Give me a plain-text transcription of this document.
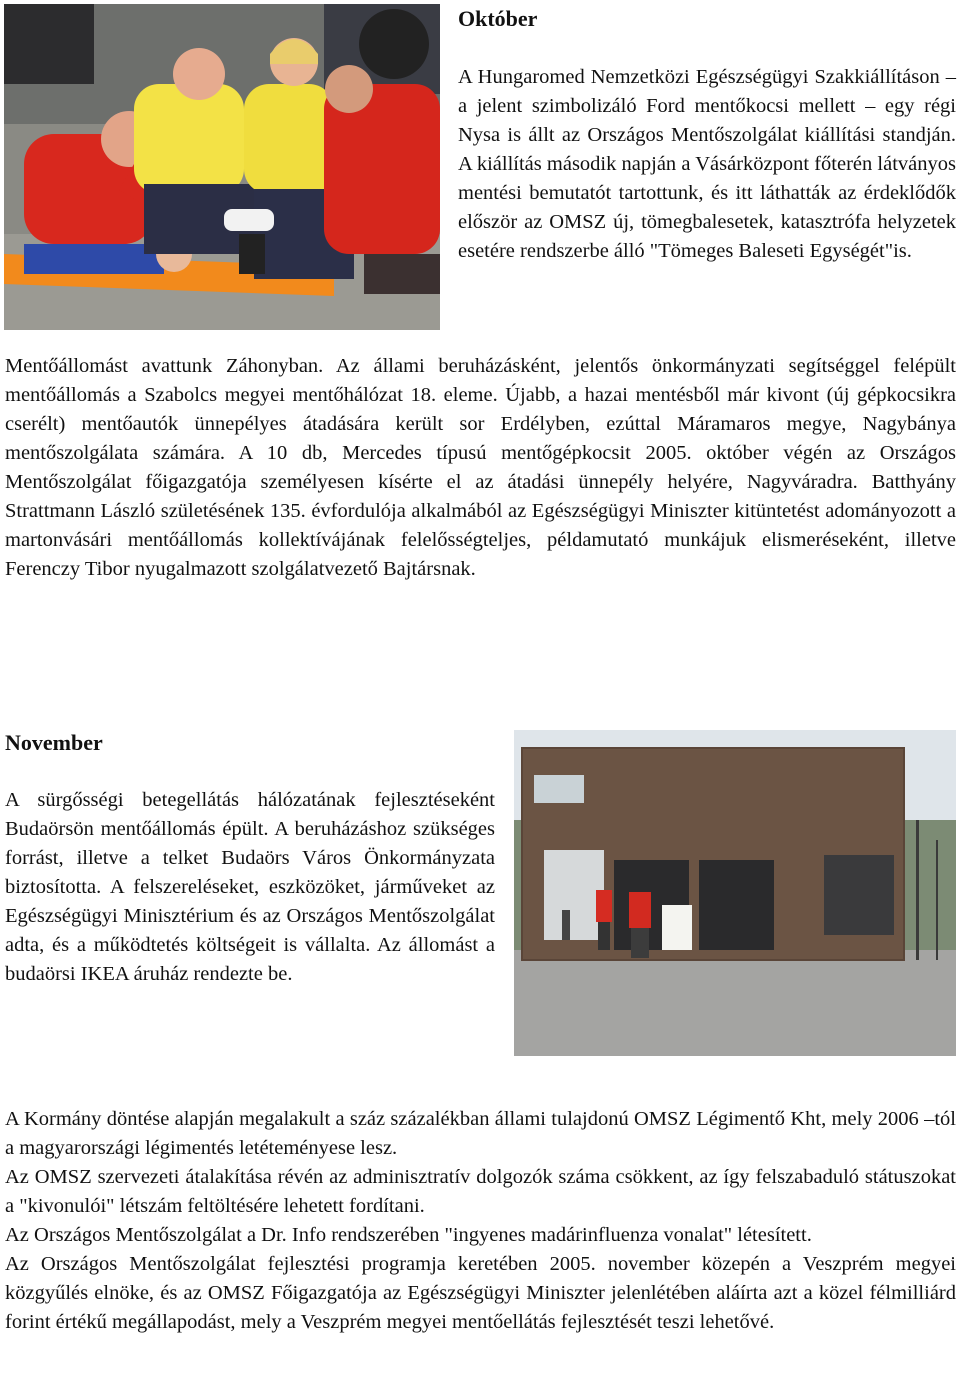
Október

A Hungaromed Nemzetközi Egészségügyi Szakkiállításon – a jelent szimbolizáló Ford mentőkocsi mellett – egy régi Nysa is állt az Országos Mentőszolgálat kiállítási standján. A kiállítás második napján a Vásárközpont főterén látványos mentési bemutatót tartottunk, és itt láthatták az érdeklődők először az OMSZ új, tömegbalesetek, katasztrófa helyzetek esetére rendszerbe álló "Tömeges Baleseti Egységét"is.

Mentőállomást avattunk Záhonyban. Az állami beruházásként, jelentős önkormányzati segítséggel felépült mentőállomás a Szabolcs megyei mentőhálózat 18. eleme. Újabb, a hazai mentésből már kivont (új gépkocsikra cserélt) mentőautók ünnepélyes átadására került sor Erdélyben, ezúttal Máramaros megye, Nagybánya mentőszolgálata számára. A 10 db, Mercedes típusú mentőgépkocsit 2005. október végén az Országos Mentőszolgálat főigazgatója személyesen kísérte el az átadási ünnepély helyére, Nagyváradra. Batthyány Strattmann László születésének 135. évfordulója alkalmából az Egészségügyi Miniszter kitüntetést adományozott a martonvásári mentőállomás kollektívájának felelősségteljes, példamutató munkájuk elismeréseként, illetve Ferenczy Tibor nyugalmazott szolgálatvezető Bajtársnak.

November

A sürgősségi betegellátás hálózatának fejlesztéseként Budaörsön mentőállomás épült. A beruházáshoz szükséges forrást, illetve a telket Budaörs Város Önkormányzata biztosította. A felszereléseket, eszközöket, járműveket az Egészségügyi Minisztérium és az Országos Mentőszolgálat adta, és a működtetés költségeit is vállalta. Az állomást a budaörsi IKEA áruház rendezte be.

A Kormány döntése alapján megalakult a száz százalékban állami tulajdonú OMSZ Légimentő Kht, mely 2006 –tól a magyarországi légimentés letéteményese lesz.

Az OMSZ szervezeti átalakítása révén az adminisztratív dolgozók száma csökkent, az így felszabaduló státuszokat a "kivonulói" létszám feltöltésére lehetett fordítani.

Az Országos Mentőszolgálat a Dr. Info rendszerében "ingyenes madárinfluenza vonalat" létesített.

Az Országos Mentőszolgálat fejlesztési programja keretében 2005. november közepén a Veszprém megyei közgyűlés elnöke, és az OMSZ Főigazgatója az Egészségügyi Miniszter jelenlétében aláírta azt a közel félmilliárd forint értékű megállapodást, mely a Veszprém megyei mentőellátás fejlesztését teszi lehetővé.
